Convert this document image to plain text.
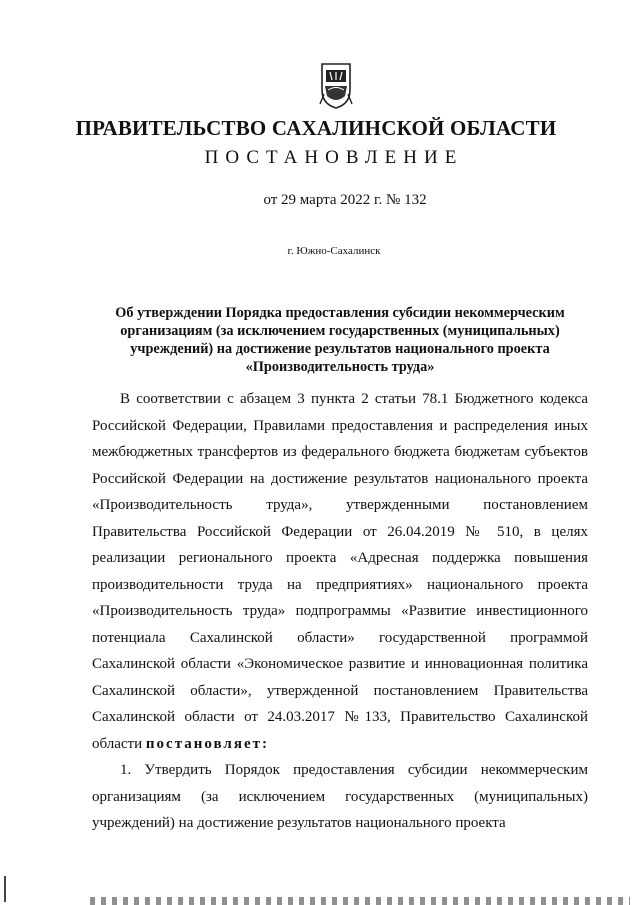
ПРАВИТЕЛЬСТВО САХАЛИНСКОЙ ОБЛАСТИ
ПОСТАНОВЛЕНИЕ
от 29 марта 2022 г. № 132
г. Южно-Сахалинск
Об утверждении Порядка предоставления субсидии некоммерческим организациям (за исключением государственных (муниципальных) учреждений) на достижение результатов национального проекта «Производительность труда»

В соответствии с абзацем 3 пункта 2 статьи 78.1 Бюджетного кодекса Российской Федерации, Правилами предоставления и распределения иных межбюджетных трансфертов из федерального бюджета бюджетам субъектов Российской Федерации на достижение результатов национального проекта «Производительность труда», утвержденными постановлением Правительства Российской Федерации от 26.04.2019 № 510, в целях реализации регионального проекта «Адресная поддержка повышения производительности труда на предприятиях» национального проекта «Производительность труда» подпрограммы «Развитие инвестиционного потенциала Сахалинской области» государственной программой Сахалинской области «Экономическое развитие и инновационная политика Сахалинской области», утвержденной постановлением Правительства Сахалинской области от 24.03.2017 №133, Правительство Сахалинской области постановляет:

1. Утвердить Порядок предоставления субсидии некоммерческим организациям (за исключением государственных (муниципальных) учреждений) на достижение результатов национального проекта
